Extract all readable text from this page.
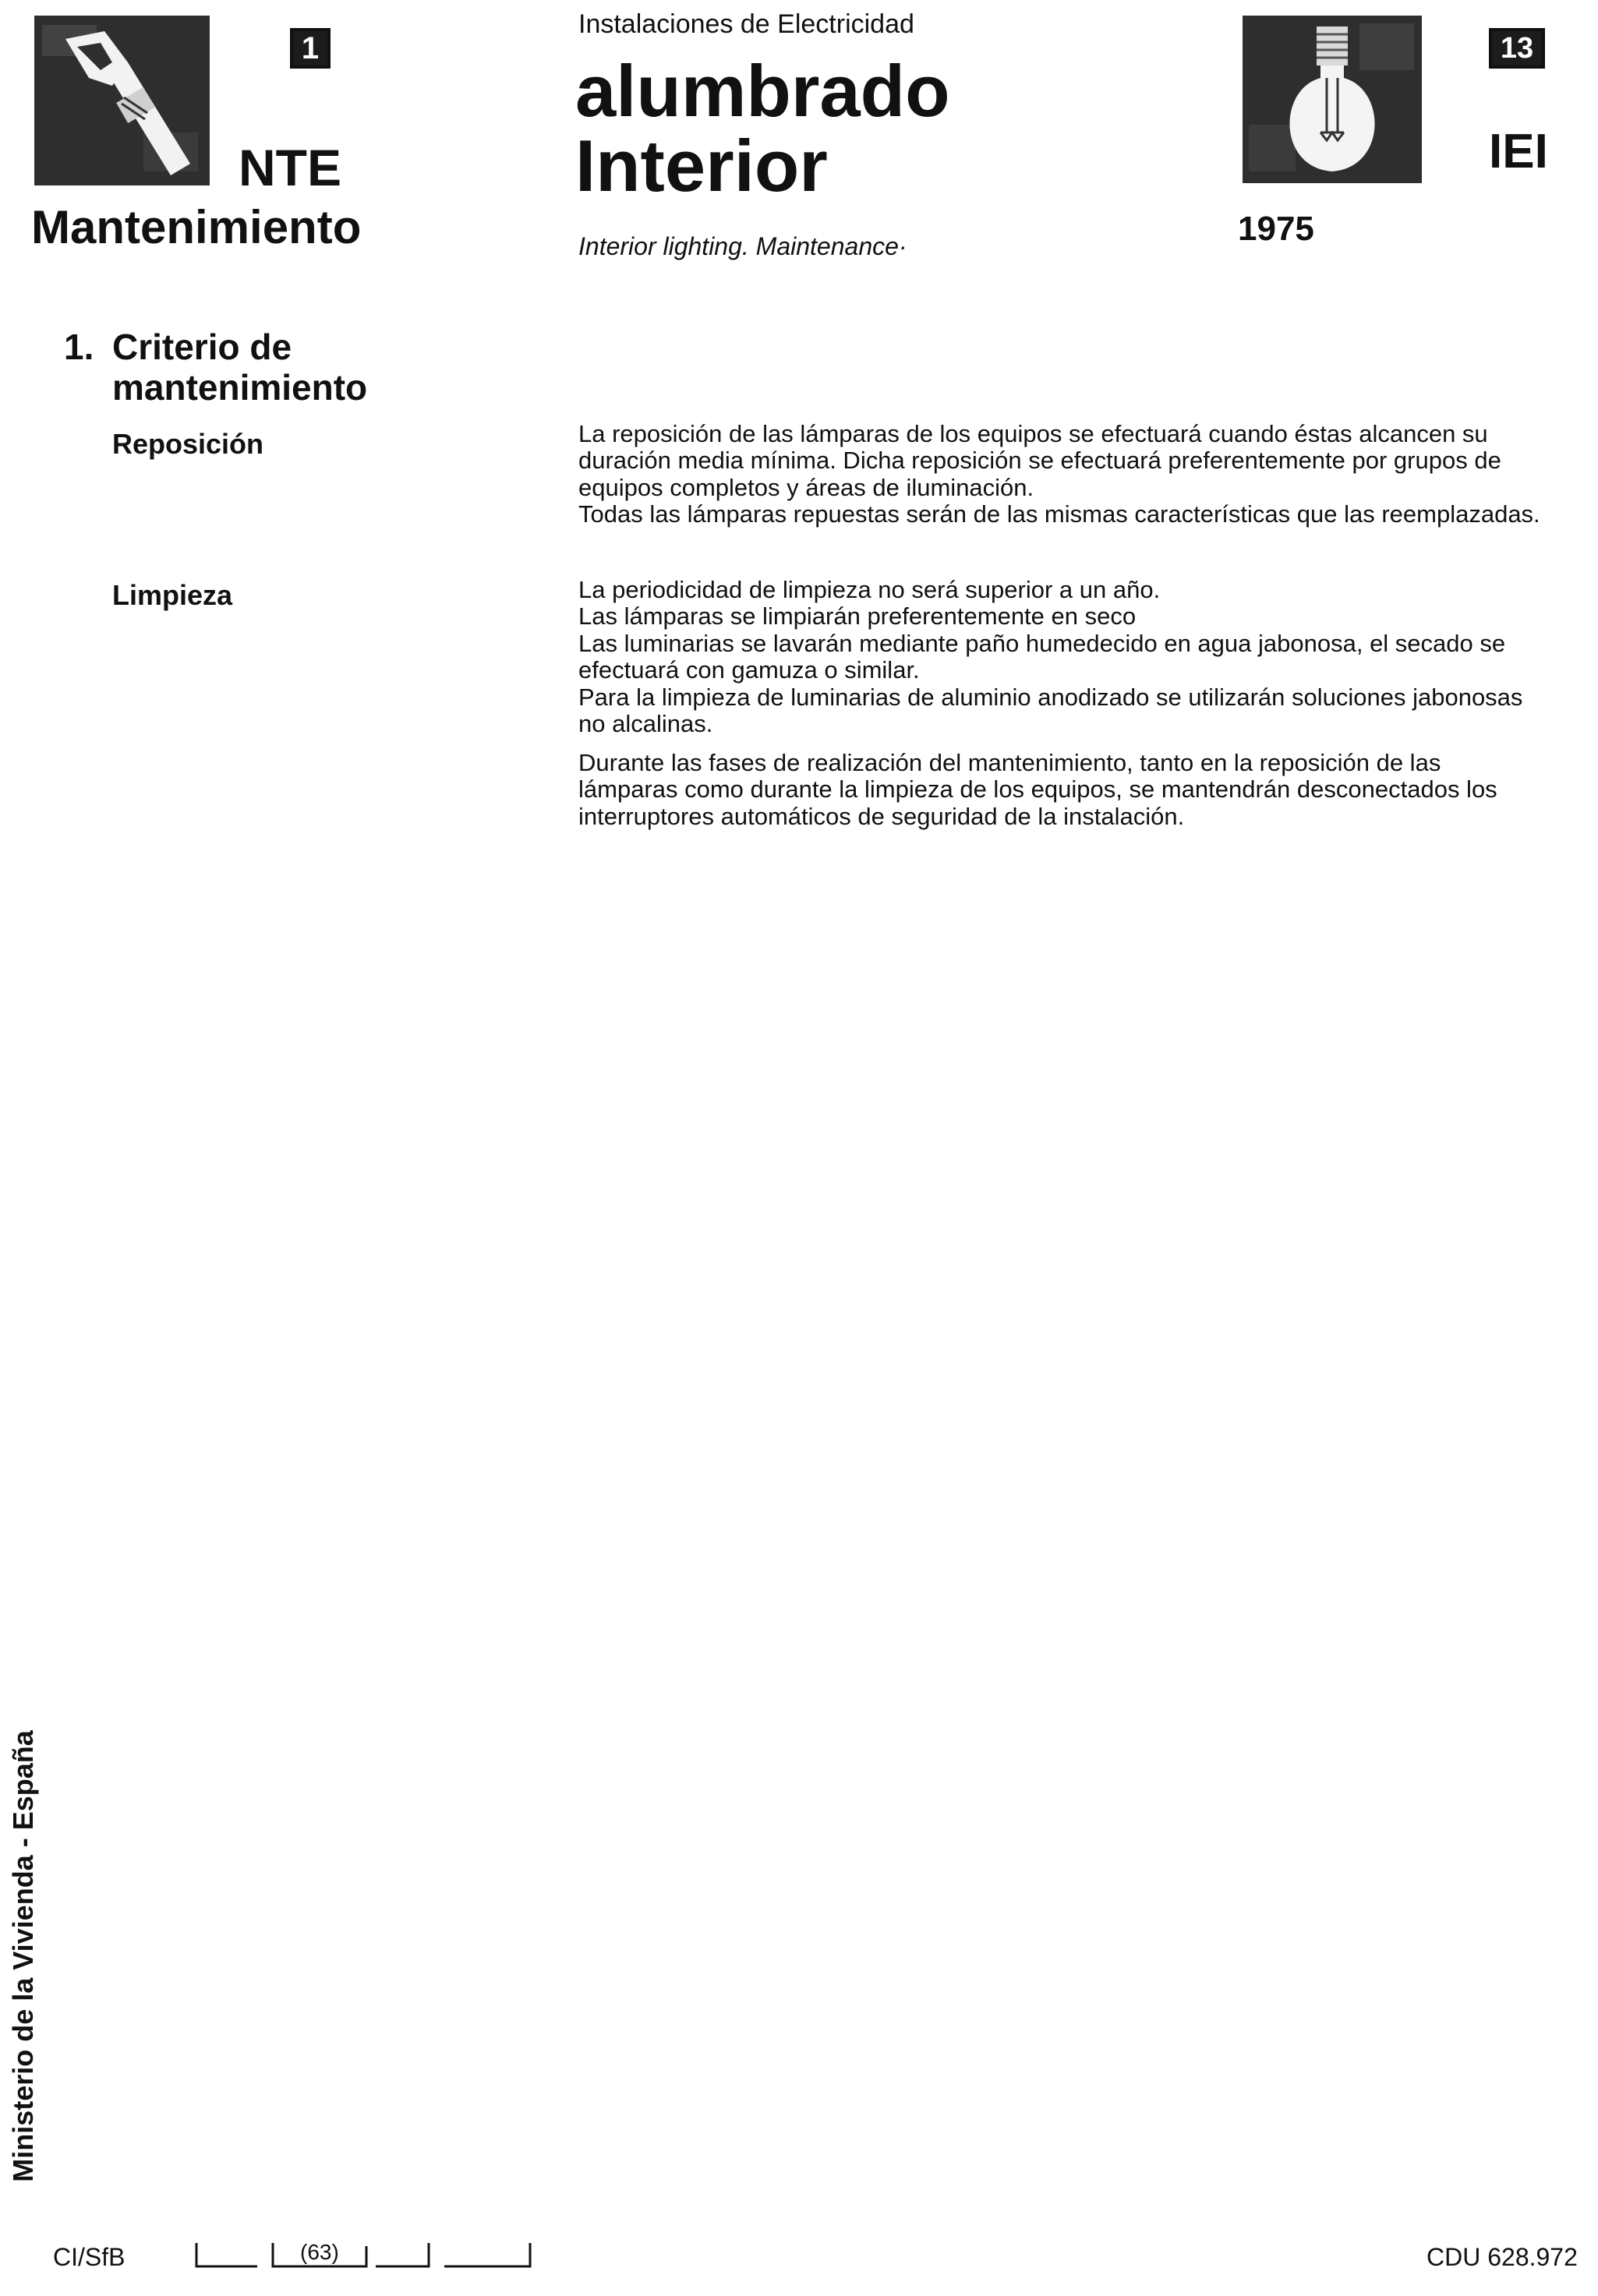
1
NTE
Mantenimiento
Instalaciones de Electricidad
alumbrado
Interior
Interior lighting. Maintenance·	1975
13
IEI
1. Criterio de mantenimiento
Reposición	La reposición de las lámparas de los equipos se efectuará cuando éstas alcancen su duración media mínima. Dicha reposición se efectuará preferentemente por grupos de equipos completos y áreas de iluminación.

Todas las lámparas repuestas serán de las mismas características que las reemplazadas.

Limpieza	La periodicidad de limpieza no será superior a un año.

Las lámparas se limpiarán preferentemente en seco

Las luminarias se lavarán mediante paño humedecido en agua jabonosa, el secado se efectuará con gamuza o similar.

Para la limpieza de luminarias de aluminio anodizado se utilizarán soluciones jabonosas no alcalinas.

Durante las fases de realización del mantenimiento, tanto en la reposición de las lámparas como durante la limpieza de los equipos, se mantendrán desconectados los interruptores automáticos de seguridad de la instalación.

Ministerio de la Vivienda - España
CI/SfB	(63)	CDU 628.972
